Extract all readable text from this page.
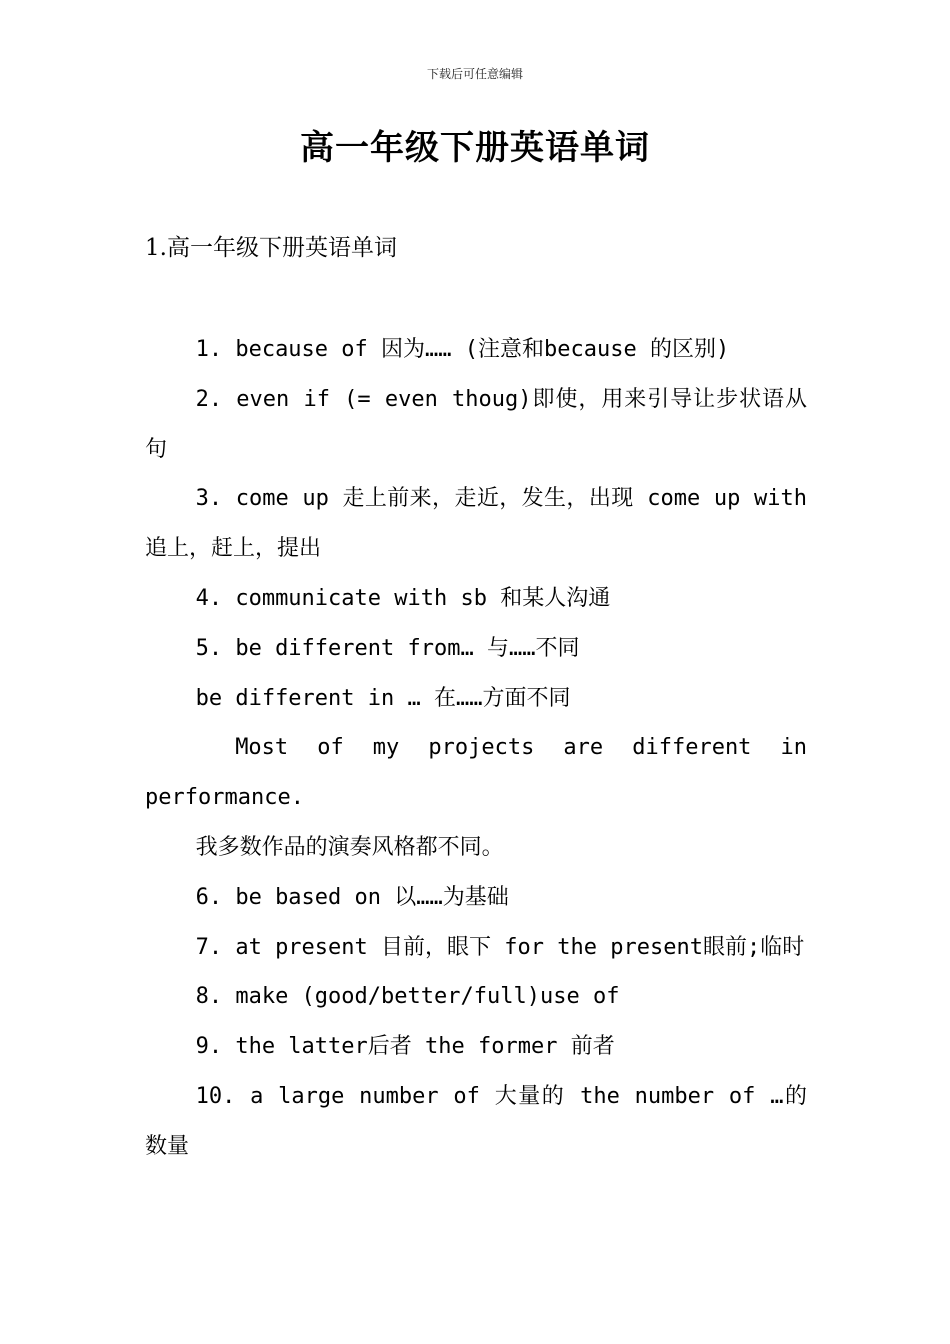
下载后可任意编辑
高一年级下册英语单词
1.高一年级下册英语单词

1. because of 因为…… (注意和because 的区别)

2. even if (= even thoug)即使，用来引导让步状语从句

3. come up 走上前来，走近，发生，出现 come up with 追上，赶上，提出

4. communicate with sb 和某人沟通

5. be different from… 与……不同

be different in … 在……方面不同

Most of my projects are different in performance.

我多数作品的演奏风格都不同。

6. be based on 以……为基础

7. at present 目前，眼下 for the present眼前;临时

8. make (good/better/full)use of

9. the latter后者 the former 前者

10. a large number of 大量的 the number of …的数量
